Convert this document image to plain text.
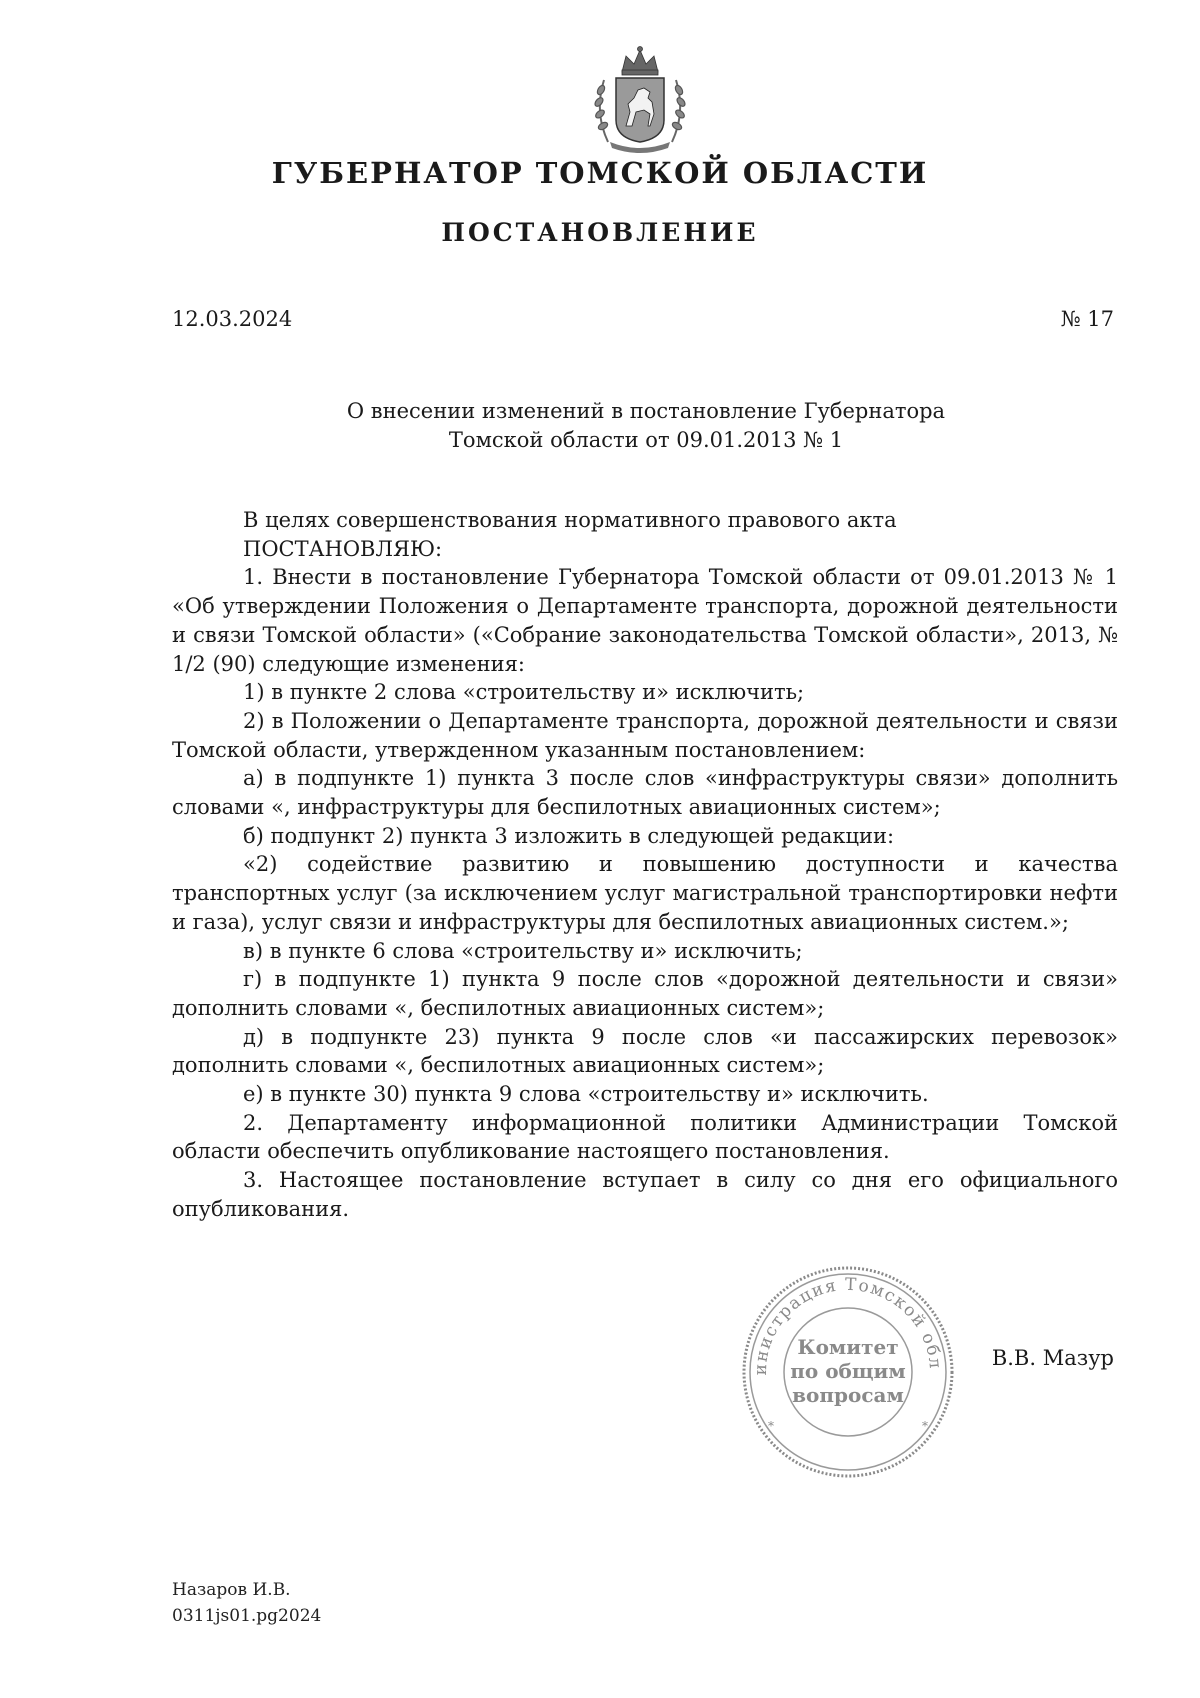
ГУБЕРНАТОР ТОМСКОЙ ОБЛАСТИ
ПОСТАНОВЛЕНИЕ
12.03.2024	№ 17
О внесении изменений в постановление Губернатора
Томской области от 09.01.2013 № 1

В целях совершенствования нормативного правового акта

ПОСТАНОВЛЯЮ:

1. Внести в постановление Губернатора Томской области от 09.01.2013 № 1 «Об утверждении Положения о Департаменте транспорта, дорожной деятельности и связи Томской области» («Собрание законодательства Томской области», 2013, № 1/2 (90) следующие изменения:

1) в пункте 2 слова «строительству и» исключить;

2) в Положении о Департаменте транспорта, дорожной деятельности и связи Томской области, утвержденном указанным постановлением:

а) в подпункте 1) пункта 3 после слов «инфраструктуры связи» дополнить словами «, инфраструктуры для беспилотных авиационных систем»;

б) подпункт 2) пункта 3 изложить в следующей редакции:

«2) содействие развитию и повышению доступности и качества транспортных услуг (за исключением услуг магистральной транспортировки нефти и газа), услуг связи и инфраструктуры для беспилотных авиационных систем.»;

в) в пункте 6 слова «строительству и» исключить;

г) в подпункте 1) пункта 9 после слов «дорожной деятельности и связи» дополнить словами «, беспилотных авиационных систем»;

д) в подпункте 23) пункта 9 после слов «и пассажирских перевозок» дополнить словами «, беспилотных авиационных систем»;

е) в пункте 30) пункта 9 слова «строительству и» исключить.

2. Департаменту информационной политики Администрации Томской области обеспечить опубликование настоящего постановления.

3. Настоящее постановление вступает в силу со дня его официального опубликования.

инистрация Томской обл
*	*
Комитет
по общим
вопросам
В.В. Мазур
Назаров И.В.
0311js01.pg2024
